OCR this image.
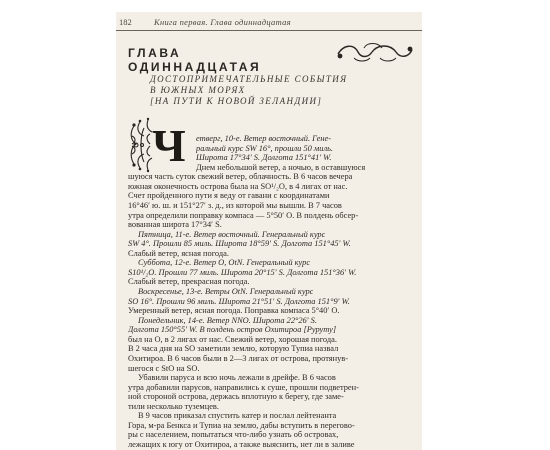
182	Книга первая. Глава одиннадцатая
ГЛАВА ОДИННАДЦАТАЯ
ДОСТОПРИМЕЧАТЕЛЬНЫЕ СОБЫТИЯ
В ЮЖНЫХ МОРЯХ
[НА ПУТИ К НОВОЙ ЗЕЛАНДИИ]
Ч етверг, 10-е. Ветер восточный. Гене-
ральный курс SW 16°, прошли 50 миль.
Широта 17°34′ S. Долгота 151°41′ W.
Днем небольшой ветер, а ночью, в оставшуюся
шуюся часть суток свежий ветер, облачность. В 6 часов вечера
южная оконечность острова была на SO¹/₂O, в 4 лигах от нас.
Счет пройденного пути я веду от гавани с координатами
16°46′ ю. ш. и 151°27′ з. д., из которой мы вышли. В 7 часов
утра определили поправку компаса — 5°50′ O. В полдень обсер-
вованная широта 17°34′ S.
Пятница, 11-е. Ветер восточный. Генеральный курс
SW 4°. Прошли 85 миль. Широта 18°59′ S. Долгота 151°45′ W.
Слабый ветер, ясная погода.
Суббота, 12-е. Ветер O, OtN. Генеральный курс
S10¹/₂O. Прошли 77 миль. Широта 20°15′ S. Долгота 151°36′ W.
Слабый ветер, прекрасная погода.
Воскресенье, 13-е. Ветры OtN. Генеральный курс
SO 16°. Прошли 96 миль. Широта 21°51′ S. Долгота 151°9′ W.
Умеренный ветер, ясная погода. Поправка компаса 5°40′ O.
Понедельник, 14-е. Ветер NNO. Широта 22°26′ S.
Долгота 150°55′ W. В полдень остров Охитироа [Руруту]
был на O, в 2 лигах от нас. Свежий ветер, хорошая погода.
В 2 часа дня на SO заметили землю, которую Тупиа назвал
Охитироа. В 6 часов были в 2—3 лигах от острова, протянув-
шегося с StO на SO.
Убавили паруса и всю ночь лежали в дрейфе. В 6 часов
утра добавили парусов, направились к суше, прошли подветрен-
ной стороной острова, держась вплотную к берегу, где заме-
тили несколько туземцев.
В 9 часов приказал спустить катер и послал лейтенанта
Гора, м-ра Бенкса и Тупиа на землю, дабы вступить в перегово-
ры с населением, попытаться что-либо узнать об островах,
лежащих к югу от Охитироа, а также выяснить, нет ли в заливе
